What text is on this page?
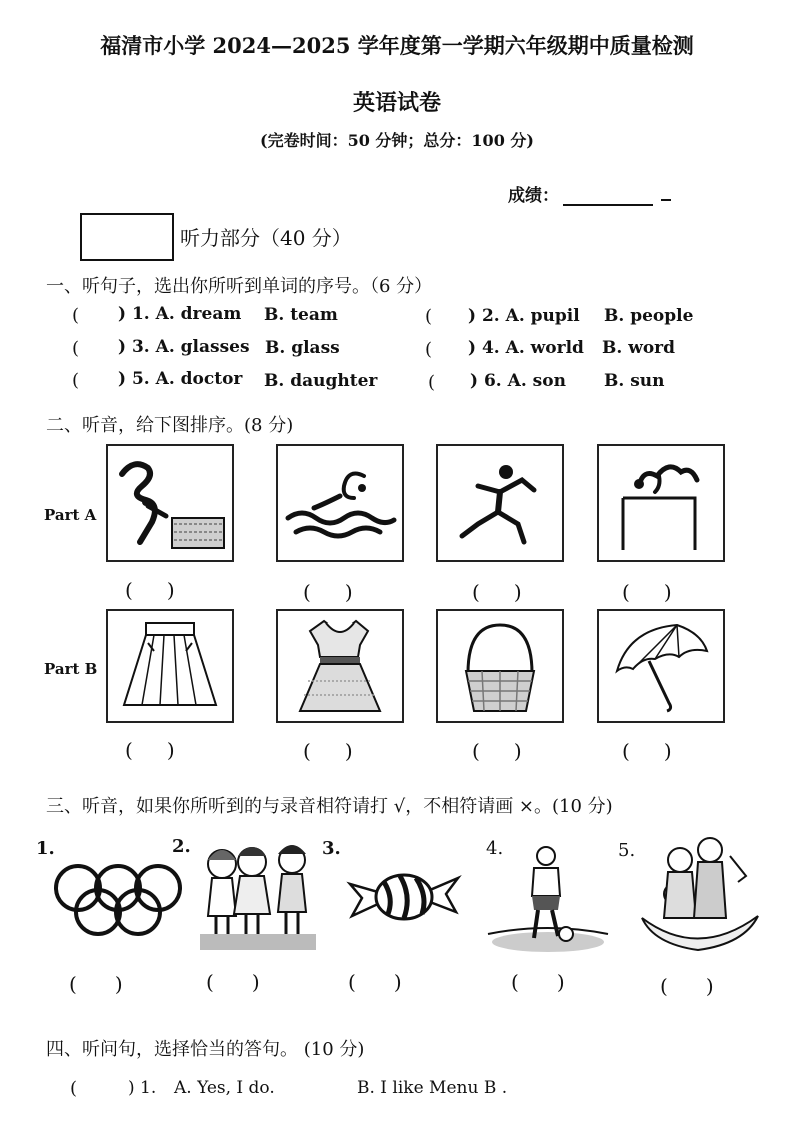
福清市小学 2024—2025 学年度第一学期六年级期中质量检测
英语试卷
(完卷时间：50 分钟；总分：100 分)
成绩：
听力部分（40 分）
一、听句子，选出你所听到单词的序号。（6 分）
( ) 1. A. dream B. team	( ) 2. A. pupil B. people
( ) 3. A. glasses B. glass	( ) 4. A. world B. word
( ) 5. A. doctor B. daughter	( ) 6. A. son B. sun
二、听音，给下图排序。(8 分)
Part A
Part B
( )	( )	( )	( )
( )	( )	( )	( )
三、听音，如果你所听到的与录音相符请打 √，不相符请画 ×。(10 分)
1.	2.	3.	4.	5.
( )	( )	( )	( )	( )
四、听问句，选择恰当的答句。 (10 分)
(	) 1. A. Yes, I do.	B. I like Menu B .
